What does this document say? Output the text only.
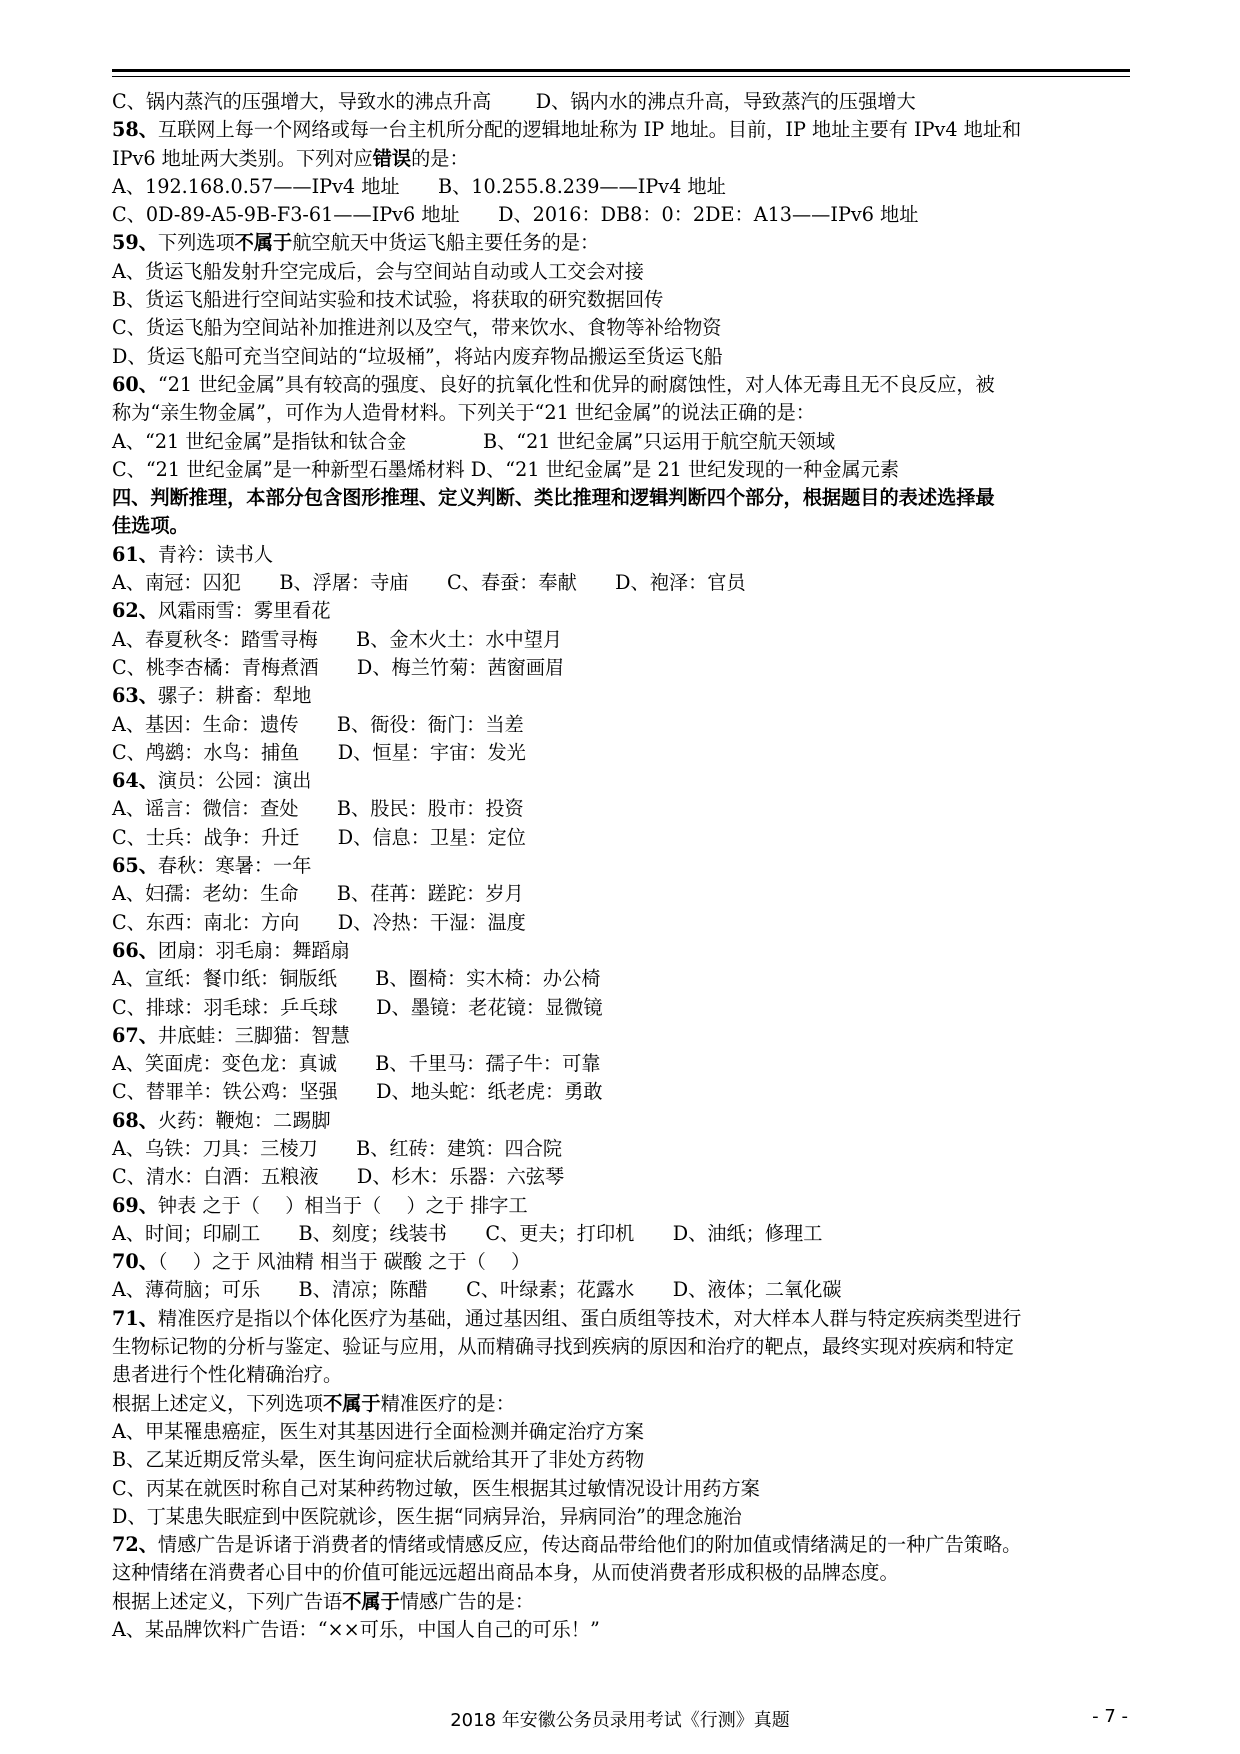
C、锅内蒸汽的压强增大，导致水的沸点升高　　 D、锅内水的沸点升高，导致蒸汽的压强增大
58、互联网上每一个网络或每一台主机所分配的逻辑地址称为 IP 地址。目前，IP 地址主要有 IPv4 地址和
IPv6 地址两大类别。下列对应错误的是：
A、192.168.0.57——IPv4 地址　　B、10.255.8.239——IPv4 地址
C、0D-89-A5-9B-F3-61——IPv6 地址　　D、2016：DB8：0：2DE：A13——IPv6 地址
59、下列选项不属于航空航天中货运飞船主要任务的是：
A、货运飞船发射升空完成后，会与空间站自动或人工交会对接
B、货运飞船进行空间站实验和技术试验，将获取的研究数据回传
C、货运飞船为空间站补加推进剂以及空气，带来饮水、食物等补给物资
D、货运飞船可充当空间站的“垃圾桶”，将站内废弃物品搬运至货运飞船
60、“21 世纪金属”具有较高的强度、良好的抗氧化性和优异的耐腐蚀性，对人体无毒且无不良反应，被
称为“亲生物金属”，可作为人造骨材料。下列关于“21 世纪金属”的说法正确的是：
A、“21 世纪金属”是指钛和钛合金　　　　B、“21 世纪金属”只运用于航空航天领域
C、“21 世纪金属”是一种新型石墨烯材料 D、“21 世纪金属”是 21 世纪发现的一种金属元素
四、判断推理，本部分包含图形推理、定义判断、类比推理和逻辑判断四个部分，根据题目的表述选择最
佳选项。
61、青衿：读书人
A、南冠：囚犯　　B、浮屠：寺庙　　C、春蚕：奉献　　D、袍泽：官员
62、风霜雨雪：雾里看花
A、春夏秋冬：踏雪寻梅　　B、金木火土：水中望月
C、桃李杏橘：青梅煮酒　　D、梅兰竹菊：茜窗画眉
63、骡子：耕畜：犁地
A、基因：生命：遗传　　B、衙役：衙门：当差
C、鸬鹚：水鸟：捕鱼　　D、恒星：宇宙：发光
64、演员：公园：演出
A、谣言：微信：查处　　B、股民：股市：投资
C、士兵：战争：升迁　　D、信息：卫星：定位
65、春秋：寒暑：一年
A、妇孺：老幼：生命　　B、荏苒：蹉跎：岁月
C、东西：南北：方向　　D、冷热：干湿：温度
66、团扇：羽毛扇：舞蹈扇
A、宣纸：餐巾纸：铜版纸　　B、圈椅：实木椅：办公椅
C、排球：羽毛球：乒乓球　　D、墨镜：老花镜：显微镜
67、井底蛙：三脚猫：智慧
A、笑面虎：变色龙：真诚　　B、千里马：孺子牛：可靠
C、替罪羊：铁公鸡：坚强　　D、地头蛇：纸老虎：勇敢
68、火药：鞭炮：二踢脚
A、乌铁：刀具：三棱刀　　B、红砖：建筑：四合院
C、清水：白酒：五粮液　　D、杉木：乐器：六弦琴
69、钟表 之于（　 ）相当于（　 ）之于 排字工
A、时间；印刷工　　B、刻度；线装书　　C、更夫；打印机　　D、油纸；修理工
70、（　 ）之于 风油精 相当于 碳酸 之于（　 ）
A、薄荷脑；可乐　　B、清凉；陈醋　　C、叶绿素；花露水　　D、液体；二氧化碳
71、精准医疗是指以个体化医疗为基础，通过基因组、蛋白质组等技术，对大样本人群与特定疾病类型进行
生物标记物的分析与鉴定、验证与应用，从而精确寻找到疾病的原因和治疗的靶点，最终实现对疾病和特定
患者进行个性化精确治疗。
根据上述定义，下列选项不属于精准医疗的是：
A、甲某罹患癌症，医生对其基因进行全面检测并确定治疗方案
B、乙某近期反常头晕，医生询问症状后就给其开了非处方药物
C、丙某在就医时称自己对某种药物过敏，医生根据其过敏情况设计用药方案
D、丁某患失眠症到中医院就诊，医生据“同病异治，异病同治”的理念施治
72、情感广告是诉诸于消费者的情绪或情感反应，传达商品带给他们的附加值或情绪满足的一种广告策略。
这种情绪在消费者心目中的价值可能远远超出商品本身，从而使消费者形成积极的品牌态度。
根据上述定义，下列广告语不属于情感广告的是：
A、某品牌饮料广告语：“××可乐，中国人自己的可乐！”
2018 年安徽公务员录用考试《行测》真题	- 7 -
